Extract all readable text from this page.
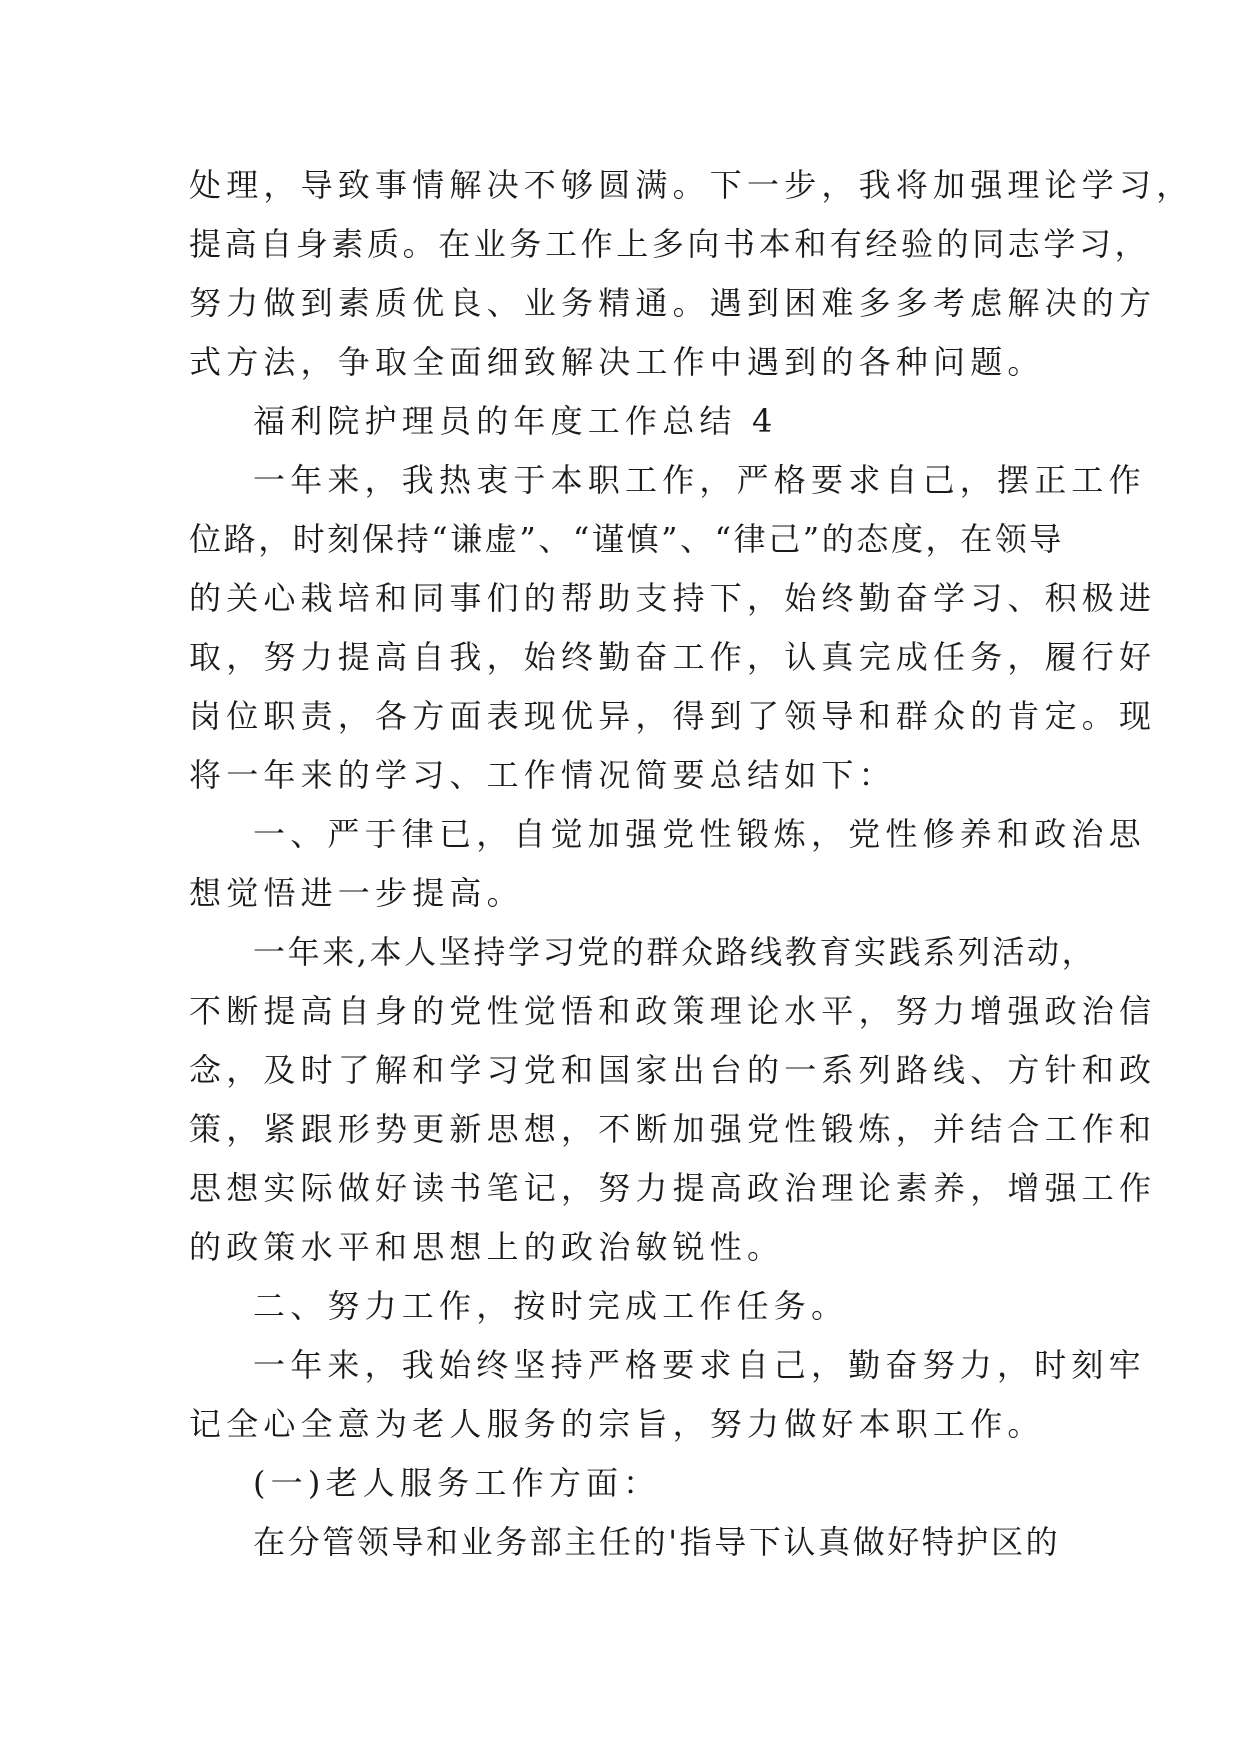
处理，导致事情解决不够圆满。下一步，我将加强理论学习，
提高自身素质。在业务工作上多向书本和有经验的同志学习，
努力做到素质优良、业务精通。遇到困难多多考虑解决的方
式方法，争取全面细致解决工作中遇到的各种问题。
福利院护理员的年度工作总结 4
一年来，我热衷于本职工作，严格要求自己，摆正工作
位路，时刻保持“谦虚”、“谨慎”、“律己”的态度，在领导
的关心栽培和同事们的帮助支持下，始终勤奋学习、积极进
取，努力提高自我，始终勤奋工作，认真完成任务，履行好
岗位职责，各方面表现优异，得到了领导和群众的肯定。现
将一年来的学习、工作情况简要总结如下：
一、严于律已，自觉加强党性锻炼，党性修养和政治思
想觉悟进一步提高。
一年来,本人坚持学习党的群众路线教育实践系列活动，
不断提高自身的党性觉悟和政策理论水平，努力增强政治信
念，及时了解和学习党和国家出台的一系列路线、方针和政
策，紧跟形势更新思想，不断加强党性锻炼，并结合工作和
思想实际做好读书笔记，努力提高政治理论素养，增强工作
的政策水平和思想上的政治敏锐性。
二、努力工作，按时完成工作任务。
一年来，我始终坚持严格要求自己，勤奋努力，时刻牢
记全心全意为老人服务的宗旨，努力做好本职工作。
(一)老人服务工作方面：
在分管领导和业务部主任的'指导下认真做好特护区的
